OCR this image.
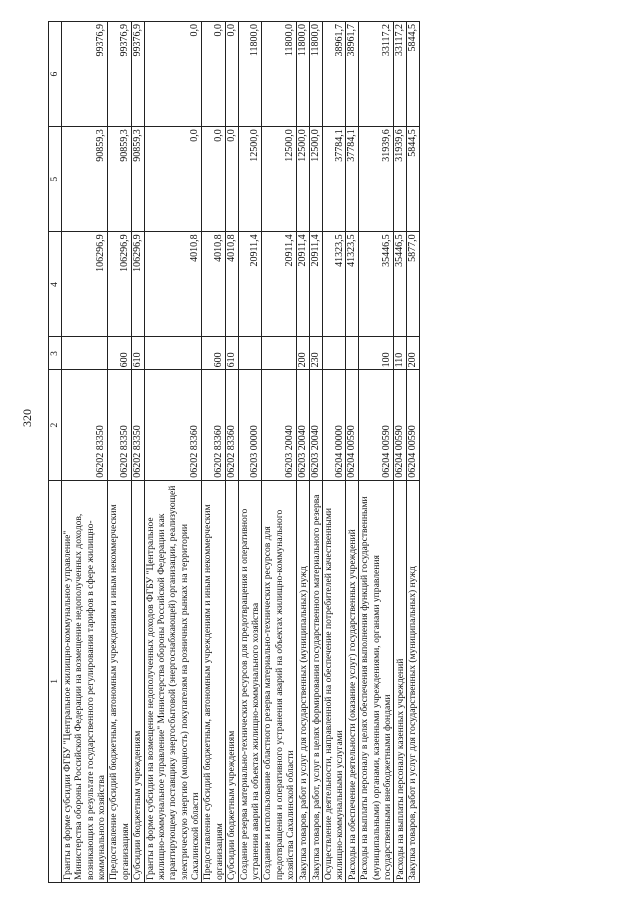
320
1	2	3	4	5	6
Гранты в форме субсидии ФГБУ "Центральное жилищно-коммунальное управление" Министерства обороны Российской Федерации на возмещение недополученных доходов, возникающих в результате государственного регулирования тарифов в сфере жилищно-коммунального хозяйства	06202 83350		106296,9	90859,3	99376,9
Предоставление субсидий бюджетным, автономным учреждениям и иным некоммерческим организациям	06202 83350	600	106296,9	90859,3	99376,9
Субсидии бюджетным учреждениям	06202 83350	610	106296,9	90859,3	99376,9
Гранты в форме субсидии на возмещение недополученных доходов ФГБУ "Центральное жилищно-коммунальное управление" Министерства обороны Российской Федерации как гарантирующему поставщику энергосбытовой (энергоснабжающей) организации, реализующей электрическую энергию (мощность) покупателям на розничных рынках на территории Сахалинской области	06202 83360		4010,8	0,0	0,0
Предоставление субсидий бюджетным, автономным учреждениям и иным некоммерческим организациям	06202 83360	600	4010,8	0,0	0,0
Субсидии бюджетным учреждениям	06202 83360	610	4010,8	0,0	0,0
Создание резерва материально-технических ресурсов для предотвращения и оперативного устранения аварий на объектах жилищно-коммунального хозяйства	06203 00000		20911,4	12500,0	11800,0
Создание и использование областного резерва материально-технических ресурсов для предотвращения и оперативного устранения аварий на объектах жилищно-коммунального хозяйства Сахалинской области	06203 20040		20911,4	12500,0	11800,0
Закупка товаров, работ и услуг для государственных (муниципальных) нужд	06203 20040	200	20911,4	12500,0	11800,0
Закупка товаров, работ, услуг в целях формирования государственного материального резерва	06203 20040	230	20911,4	12500,0	11800,0
Осуществление деятельности, направленной на обеспечение потребителей качественными жилищно-коммунальными услугами	06204 00000		41323,5	37784,1	38961,7
Расходы на обеспечение деятельности (оказание услуг) государственных учреждений	06204 00590		41323,5	37784,1	38961,7
Расходы на выплаты персоналу в целях обеспечения выполнения функций государственными (муниципальными) органами, казенными учреждениями, органами управления государственными внебюджетными фондами	06204 00590	100	35446,5	31939,6	33117,2
Расходы на выплаты персоналу казенных учреждений	06204 00590	110	35446,5	31939,6	33117,2
Закупка товаров, работ и услуг для государственных (муниципальных) нужд	06204 00590	200	5877,0	5844,5	5844,5
